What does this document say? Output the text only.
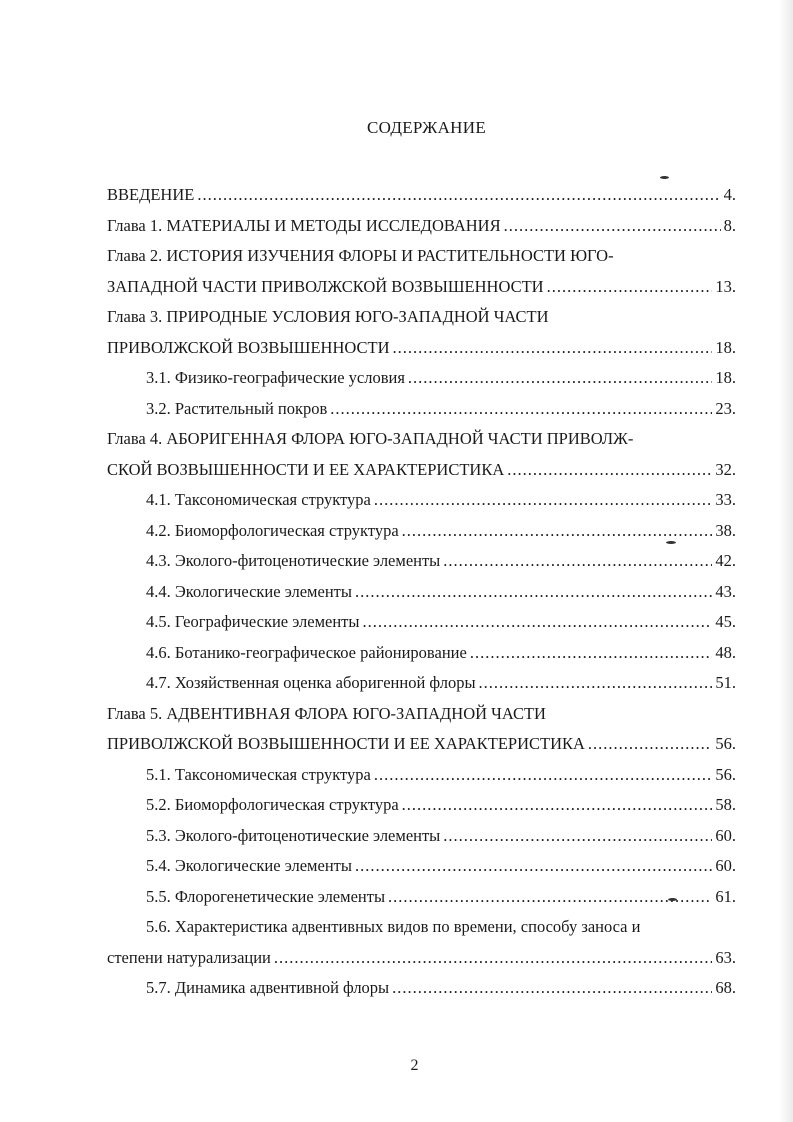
СОДЕРЖАНИЕ
ВВЕДЕНИЕ .....	4.
Глава 1. МАТЕРИАЛЫ И МЕТОДЫ ИССЛЕДОВАНИЯ .....	8.
Глава 2. ИСТОРИЯ ИЗУЧЕНИЯ ФЛОРЫ И РАСТИТЕЛЬНОСТИ ЮГО-
ЗАПАДНОЙ ЧАСТИ ПРИВОЛЖСКОЙ ВОЗВЫШЕННОСТИ .....	13.
Глава 3. ПРИРОДНЫЕ УСЛОВИЯ ЮГО-ЗАПАДНОЙ ЧАСТИ
ПРИВОЛЖСКОЙ ВОЗВЫШЕННОСТИ .....	18.
3.1. Физико-географические условия .....	18.
3.2. Растительный покров .....	23.
Глава 4. АБОРИГЕННАЯ ФЛОРА ЮГО-ЗАПАДНОЙ ЧАСТИ ПРИВОЛЖ-
СКОЙ ВОЗВЫШЕННОСТИ И ЕЕ ХАРАКТЕРИСТИКА .....	32.
4.1. Таксономическая структура .....	33.
4.2. Биоморфологическая структура .....	38.
4.3. Эколого-фитоценотические элементы .....	42.
4.4. Экологические элементы .....	43.
4.5. Географические элементы .....	45.
4.6. Ботанико-географическое районирование .....	48.
4.7. Хозяйственная оценка аборигенной флоры .....	51.
Глава 5. АДВЕНТИВНАЯ ФЛОРА ЮГО-ЗАПАДНОЙ ЧАСТИ
ПРИВОЛЖСКОЙ ВОЗВЫШЕННОСТИ И ЕЕ ХАРАКТЕРИСТИКА .....	56.
5.1. Таксономическая структура .....	56.
5.2. Биоморфологическая структура .....	58.
5.3. Эколого-фитоценотические элементы .....	60.
5.4. Экологические элементы .....	60.
5.5. Флорогенетические элементы .....	61.
5.6. Характеристика адвентивных видов по времени, способу заноса и
степени натурализации .....	63.
5.7. Динамика адвентивной флоры .....	68.
2
